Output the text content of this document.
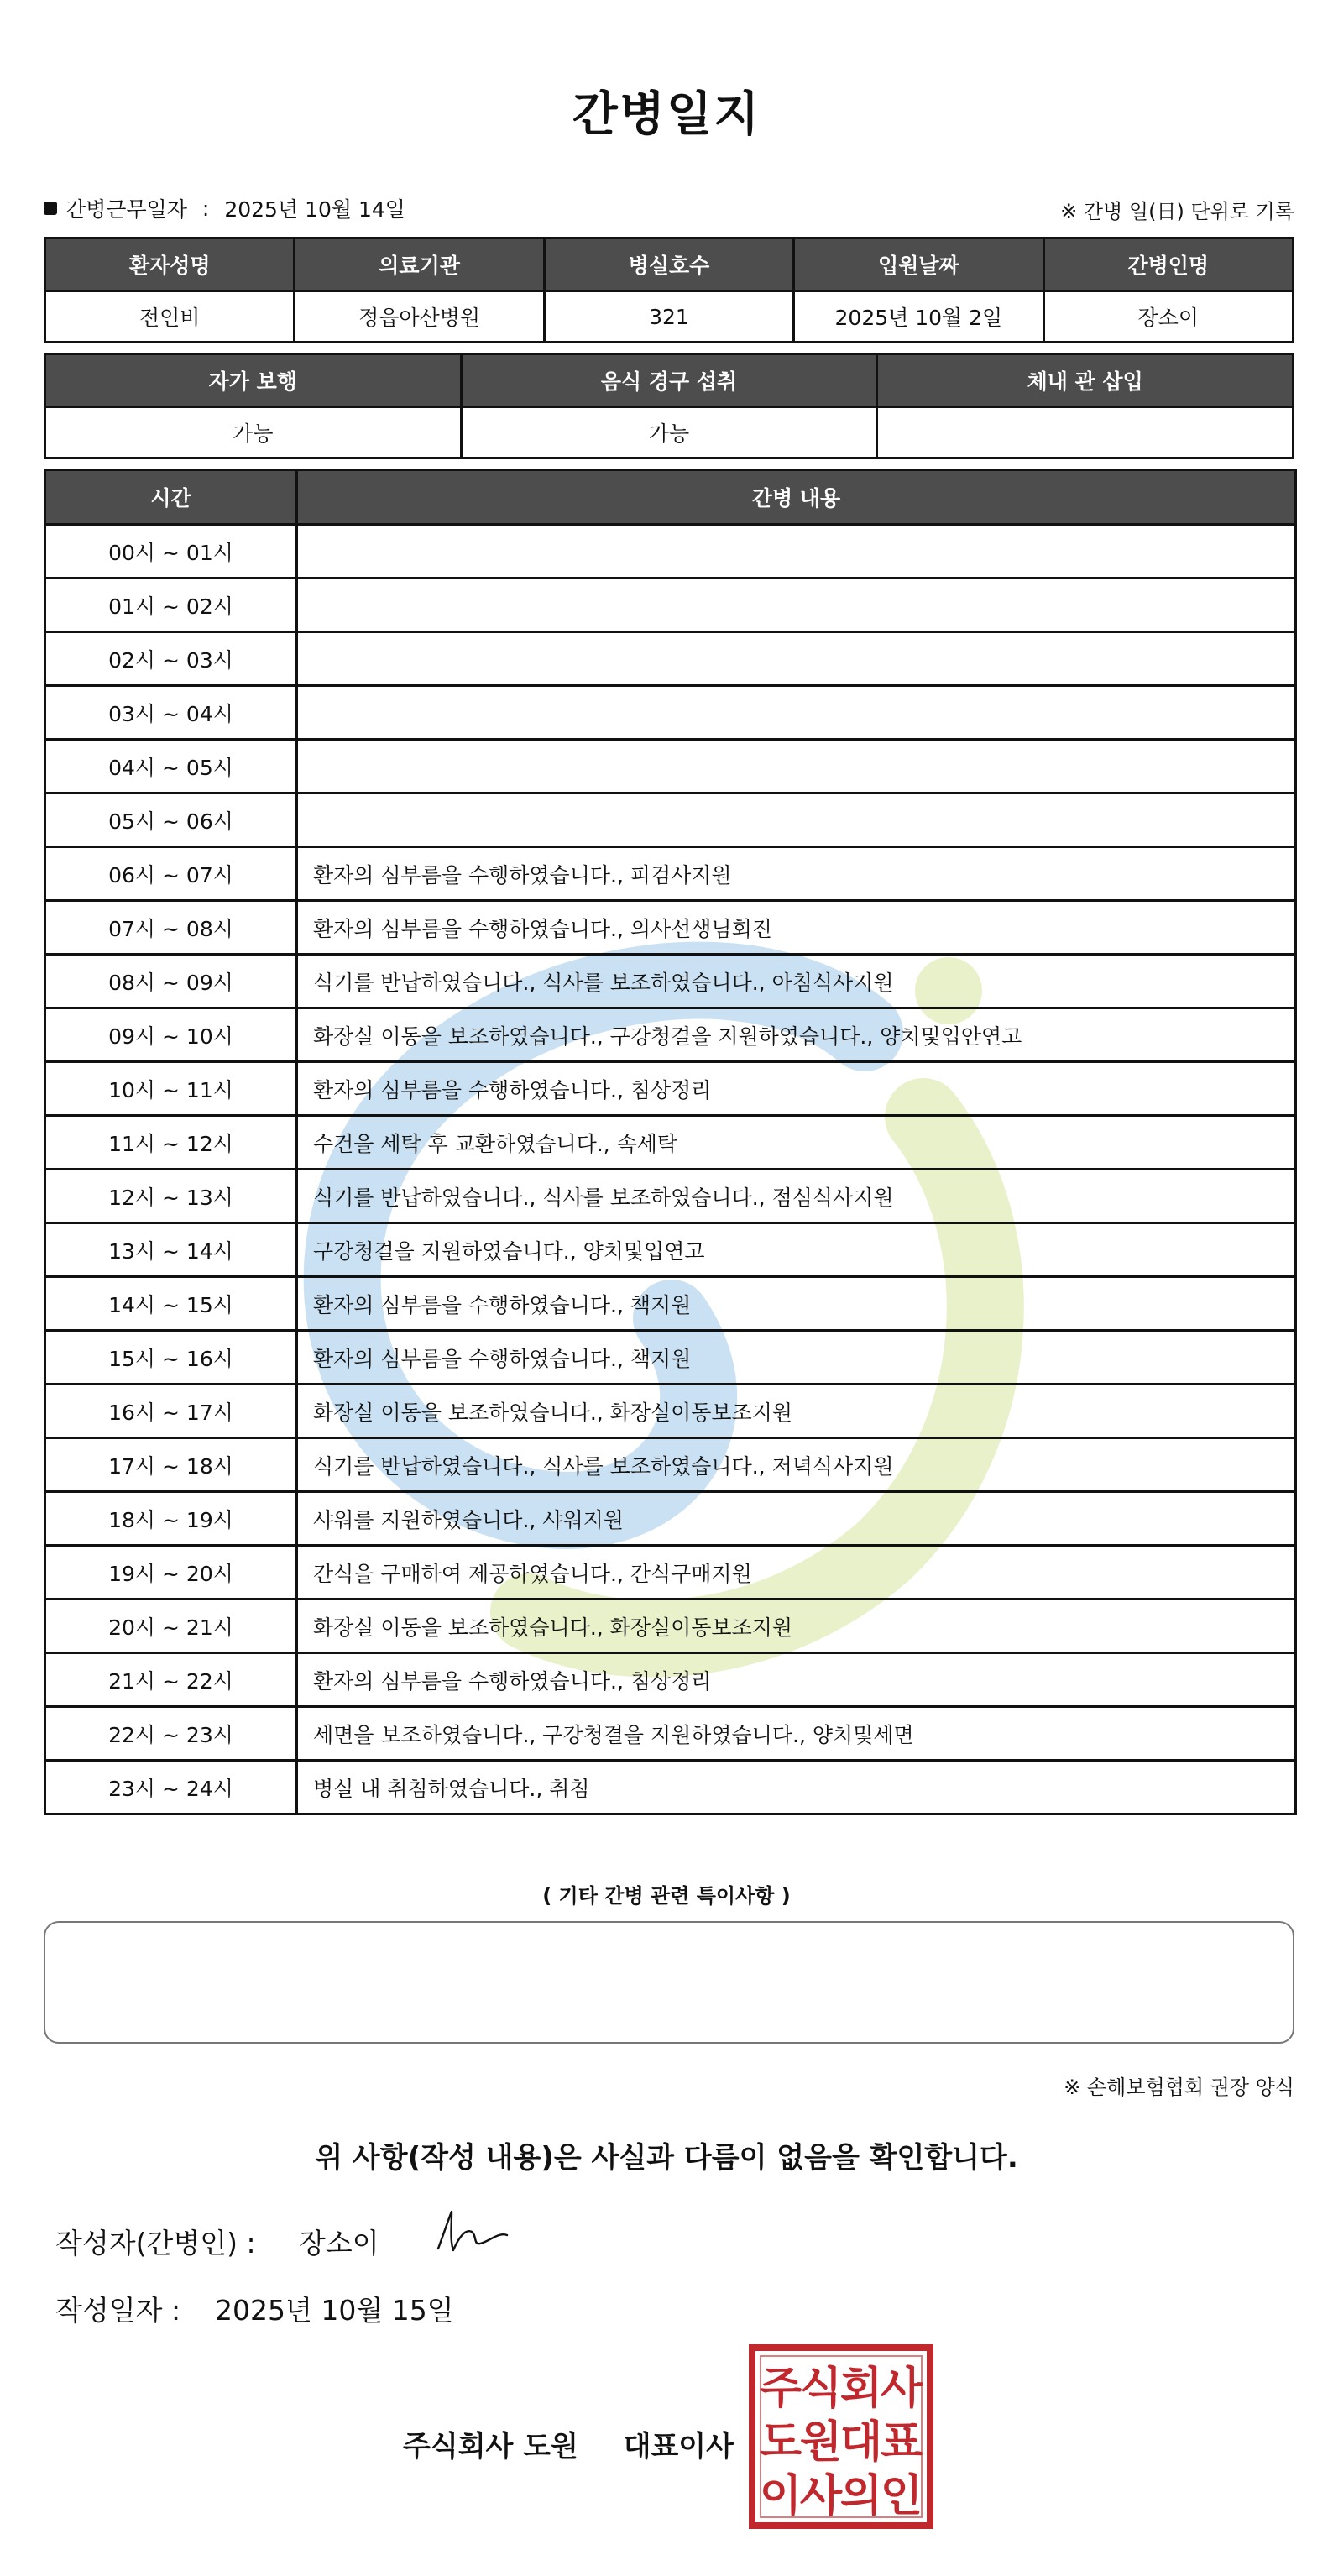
간병일지
간병근무일자 : 2025년 10월 14일	※ 간병 일(日) 단위로 기록
환자성명	의료기관	병실호수	입원날짜	간병인명
전인비	정읍아산병원	321	2025년 10월 2일	장소이
자가 보행	음식 경구 섭취	체내 관 삽입
가능	가능	
시간	간병 내용
00시 ~ 01시	
01시 ~ 02시	
02시 ~ 03시	
03시 ~ 04시	
04시 ~ 05시	
05시 ~ 06시	
06시 ~ 07시	환자의 심부름을 수행하였습니다., 피검사지원
07시 ~ 08시	환자의 심부름을 수행하였습니다., 의사선생님회진
08시 ~ 09시	식기를 반납하였습니다., 식사를 보조하였습니다., 아침식사지원
09시 ~ 10시	화장실 이동을 보조하였습니다., 구강청결을 지원하였습니다., 양치및입안연고
10시 ~ 11시	환자의 심부름을 수행하였습니다., 침상정리
11시 ~ 12시	수건을 세탁 후 교환하였습니다., 속세탁
12시 ~ 13시	식기를 반납하였습니다., 식사를 보조하였습니다., 점심식사지원
13시 ~ 14시	구강청결을 지원하였습니다., 양치및입연고
14시 ~ 15시	환자의 심부름을 수행하였습니다., 책지원
15시 ~ 16시	환자의 심부름을 수행하였습니다., 책지원
16시 ~ 17시	화장실 이동을 보조하였습니다., 화장실이동보조지원
17시 ~ 18시	식기를 반납하였습니다., 식사를 보조하였습니다., 저녁식사지원
18시 ~ 19시	샤워를 지원하였습니다., 샤워지원
19시 ~ 20시	간식을 구매하여 제공하였습니다., 간식구매지원
20시 ~ 21시	화장실 이동을 보조하였습니다., 화장실이동보조지원
21시 ~ 22시	환자의 심부름을 수행하였습니다., 침상정리
22시 ~ 23시	세면을 보조하였습니다., 구강청결을 지원하였습니다., 양치및세면
23시 ~ 24시	병실 내 취침하였습니다., 취침
( 기타 간병 관련 특이사항 )
※ 손해보험협회 권장 양식
위 사항(작성 내용)은 사실과 다름이 없음을 확인합니다.
작성자(간병인) :	장소이
작성일자 :	2025년 10월 15일
주식회사 도원 대표이사
주
식
회
사
도
원
대
표
이
사
의
인
